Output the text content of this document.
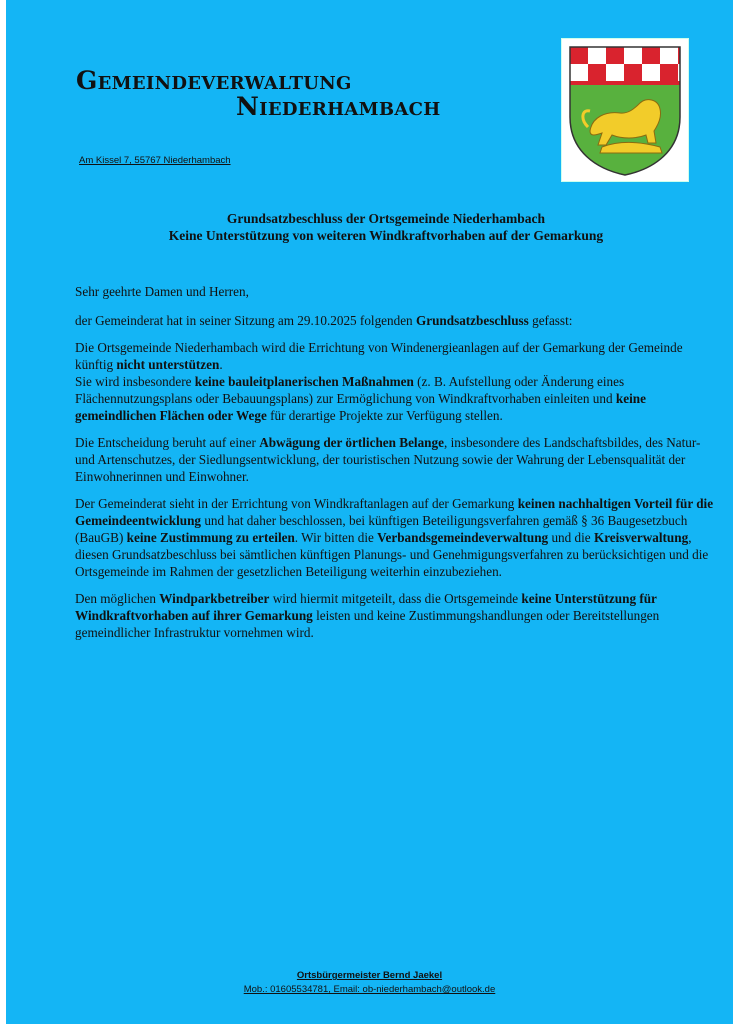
Gemeindeverwaltung
Niederhambach
Am Kissel 7, 55767 Niederhambach
Grundsatzbeschluss der Ortsgemeinde Niederhambach
Keine Unterstützung von weiteren Windkraftvorhaben auf der Gemarkung

Sehr geehrte Damen und Herren,

der Gemeinderat hat in seiner Sitzung am 29.10.2025 folgenden Grundsatzbeschluss gefasst:

Die Ortsgemeinde Niederhambach wird die Errichtung von Windenergieanlagen auf der Gemarkung der Gemeinde künftig nicht unterstützen.
Sie wird insbesondere keine bauleitplanerischen Maßnahmen (z. B. Aufstellung oder Änderung eines Flächennutzungsplans oder Bebauungsplans) zur Ermöglichung von Windkraftvorhaben einleiten und keine gemeindlichen Flächen oder Wege für derartige Projekte zur Verfügung stellen.

Die Entscheidung beruht auf einer Abwägung der örtlichen Belange, insbesondere des Landschaftsbildes, des Natur- und Artenschutzes, der Siedlungsentwicklung, der touristischen Nutzung sowie der Wahrung der Lebensqualität der Einwohnerinnen und Einwohner.

Der Gemeinderat sieht in der Errichtung von Windkraftanlagen auf der Gemarkung keinen nachhaltigen Vorteil für die Gemeindeentwicklung und hat daher beschlossen, bei künftigen Beteiligungsverfahren gemäß § 36 Baugesetzbuch (BauGB) keine Zustimmung zu erteilen. Wir bitten die Verbandsgemeindeverwaltung und die Kreisverwaltung, diesen Grundsatzbeschluss bei sämtlichen künftigen Planungs- und Genehmigungsverfahren zu berücksichtigen und die Ortsgemeinde im Rahmen der gesetzlichen Beteiligung weiterhin einzubeziehen.

Den möglichen Windparkbetreiber wird hiermit mitgeteilt, dass die Ortsgemeinde keine Unterstützung für Windkraftvorhaben auf ihrer Gemarkung leisten und keine Zustimmungshandlungen oder Bereitstellungen gemeindlicher Infrastruktur vornehmen wird.

Ortsbürgermeister Bernd Jaekel
Mob.: 01605534781, Email: ob-niederhambach@outlook.de
